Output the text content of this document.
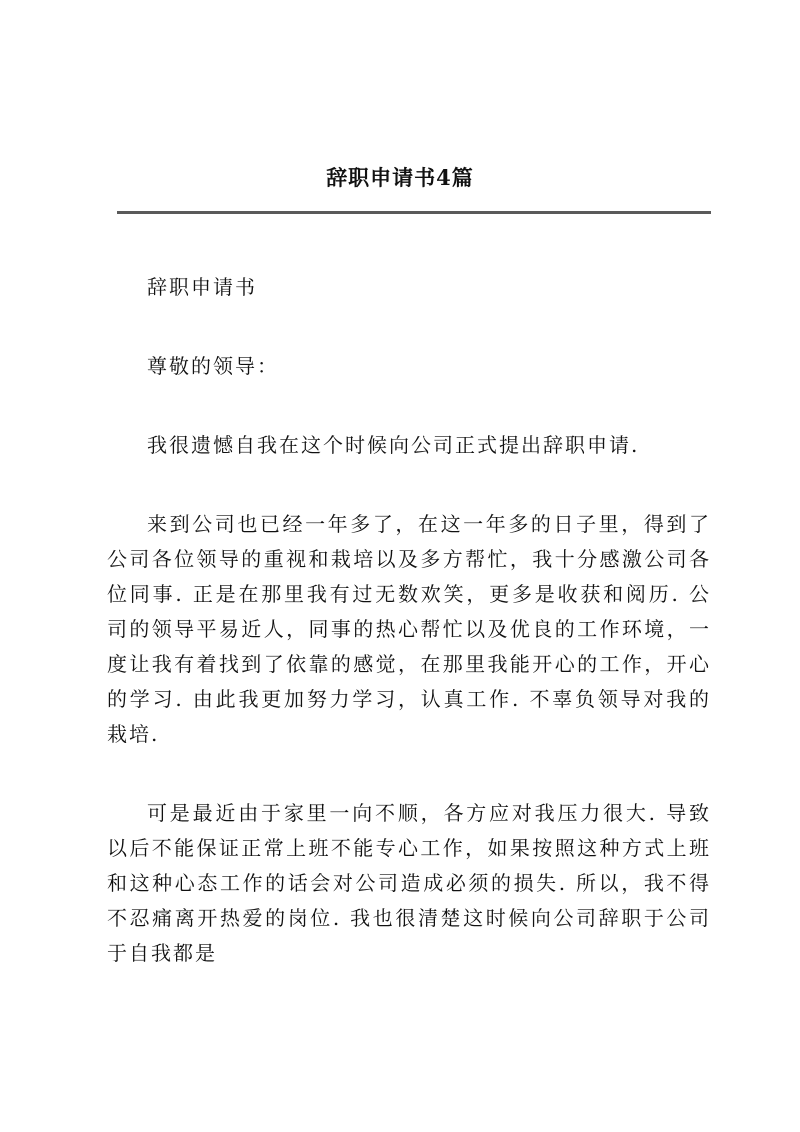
辞职申请书4篇

辞职申请书

尊敬的领导：

我很遗憾自我在这个时候向公司正式提出辞职申请.

来到公司也已经一年多了，在这一年多的日子里，得到了公司各位领导的重视和栽培以及多方帮忙，我十分感激公司各位同事. 正是在那里我有过无数欢笑，更多是收获和阅历. 公司的领导平易近人，同事的热心帮忙以及优良的工作环境，一度让我有着找到了依靠的感觉，在那里我能开心的工作，开心的学习. 由此我更加努力学习，认真工作. 不辜负领导对我的栽培.

可是最近由于家里一向不顺，各方应对我压力很大. 导致以后不能保证正常上班不能专心工作，如果按照这种方式上班和这种心态工作的话会对公司造成必须的损失. 所以，我不得不忍痛离开热爱的岗位. 我也很清楚这时候向公司辞职于公司于自我都是
